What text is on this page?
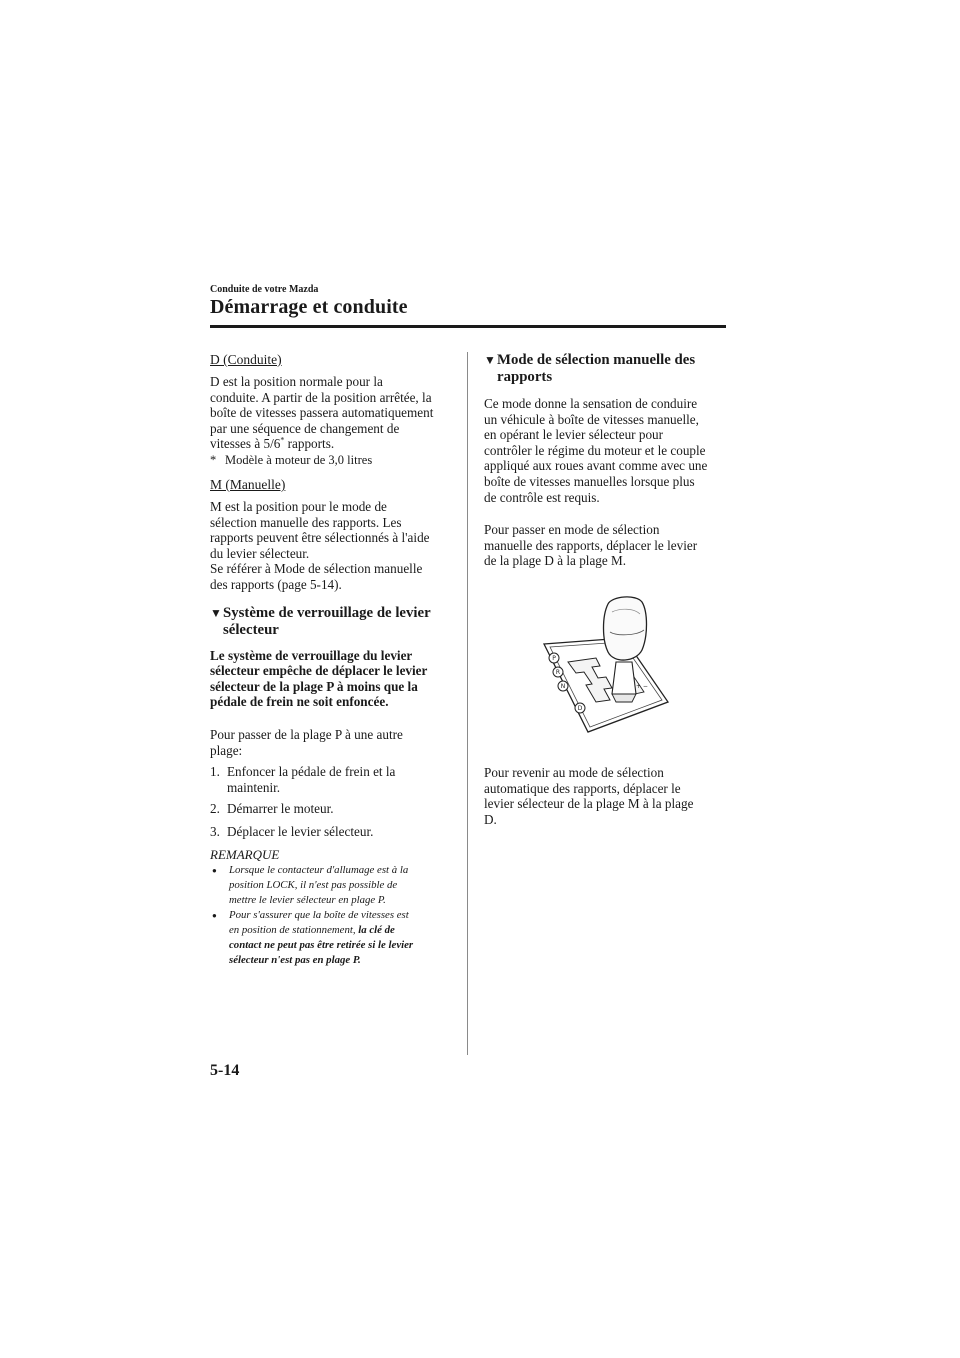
Conduite de votre Mazda
Démarrage et conduite

D (Conduite)

D est la position normale pour la
conduite. A partir de la position arrêtée, la
boîte de vitesses passera automatiquement
par une séquence de changement de
vitesses à 5/6* rapports.

* Modèle à moteur de 3,0 litres

M (Manuelle)

M est la position pour le mode de
sélection manuelle des rapports. Les
rapports peuvent être sélectionnés à l'aide
du levier sélecteur.
Se référer à Mode de sélection manuelle
des rapports (page 5-14).

▼ Système de verrouillage de levier
sélecteur

Le système de verrouillage du levier
sélecteur empêche de déplacer le levier
sélecteur de la plage P à moins que la
pédale de frein ne soit enfoncée.

Pour passer de la plage P à une autre
plage:

1. Enfoncer la pédale de frein et la
maintenir.
2. Démarrer le moteur.
3. Déplacer le levier sélecteur.

REMARQUE

●	Lorsque le contacteur d'allumage est à la
position LOCK, il n'est pas possible de
mettre le levier sélecteur en plage P.
●	Pour s'assurer que la boîte de vitesses est
en position de stationnement, la clé de
contact ne peut pas être retirée si le levier
sélecteur n'est pas en plage P.
▼ Mode de sélection manuelle des
rapports

Ce mode donne la sensation de conduire
un véhicule à boîte de vitesses manuelle,
en opérant le levier sélecteur pour
contrôler le régime du moteur et le couple
appliqué aux roues avant comme avec une
boîte de vitesses manuelles lorsque plus
de contrôle est requis.

Pour passer en mode de sélection
manuelle des rapports, déplacer le levier
de la plage D à la plage M.

Pour revenir au mode de sélection
automatique des rapports, déplacer le
levier sélecteur de la plage M à la plage
D.

+ −
P
R
N
D
5-14
